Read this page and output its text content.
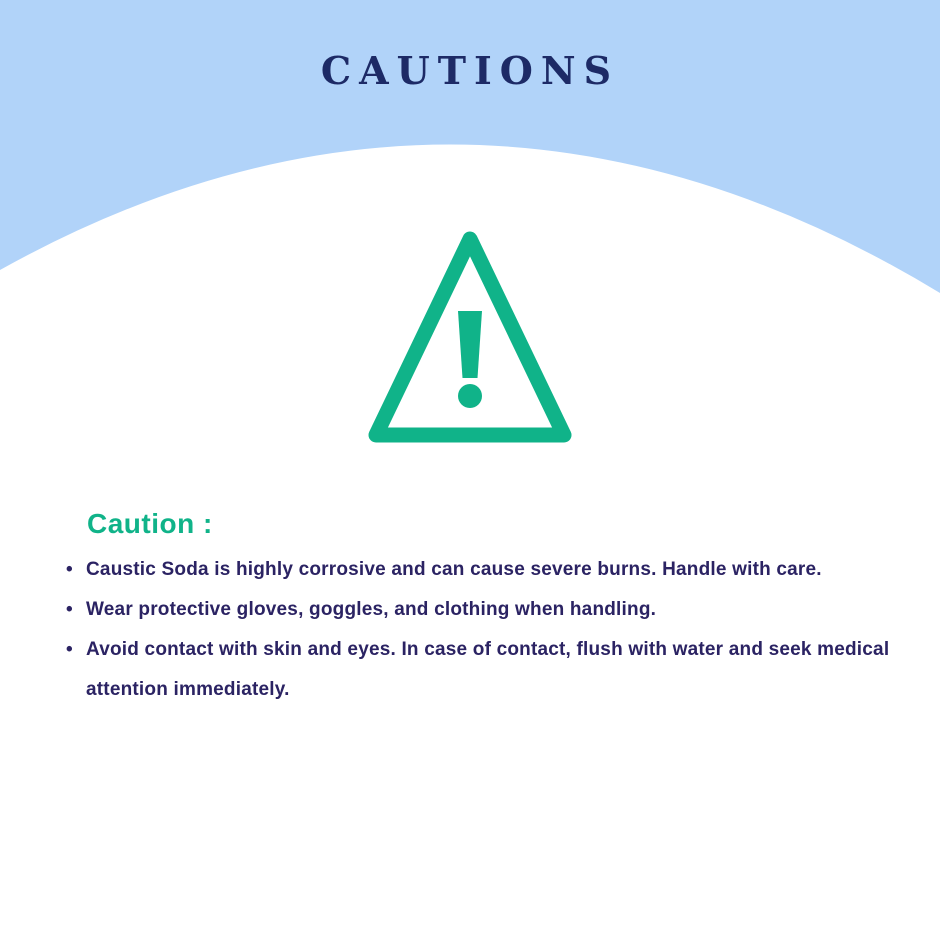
CAUTIONS
Caution :
• Caustic Soda is highly corrosive and can cause severe burns. Handle with care.
• Wear protective gloves, goggles, and clothing when handling.
• Avoid contact with skin and eyes. In case of contact, flush with water and seek medical attention immediately.
